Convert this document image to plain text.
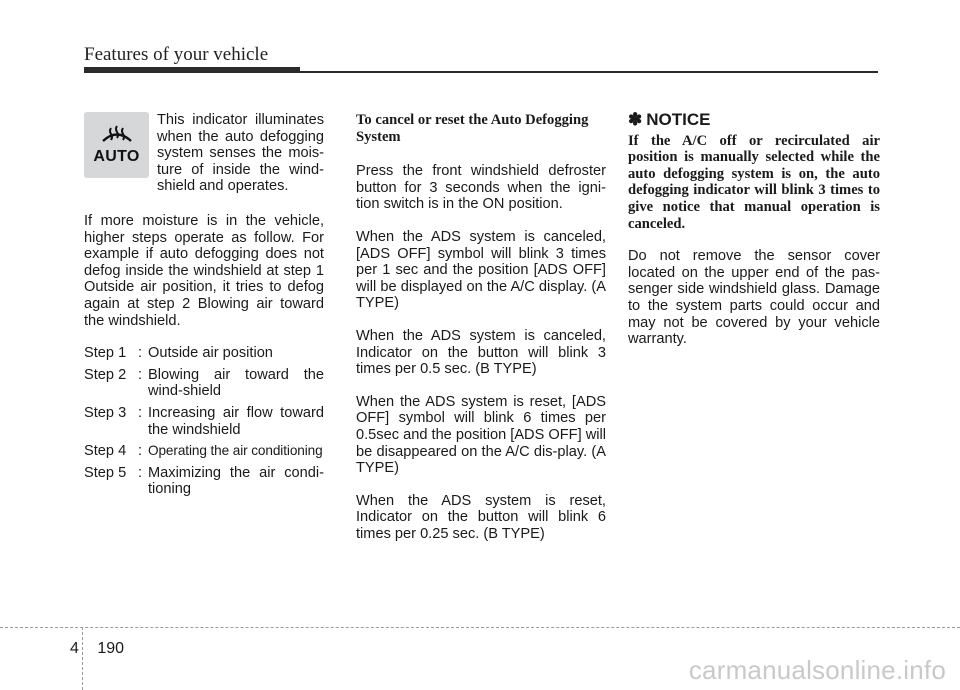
Features of your vehicle
AUTO
This indicator illuminates when the auto defogging system senses the mois-ture of inside the wind-shield and operates.

If more moisture is in the vehicle, higher steps operate as follow. For example if auto defogging does not defog inside the windshield at step 1 Outside air position, it tries to defog again at step 2 Blowing air toward the windshield.

Step 1 : Outside air position
Step 2 : Blowing air toward the wind-shield
Step 3 : Increasing air flow toward the windshield
Step 4 : Operating the air conditioning
Step 5 : Maximizing the air condi-tioning

To cancel or reset the Auto Defogging System

Press the front windshield defroster button for 3 seconds when the igni-tion switch is in the ON position.

When the ADS system is canceled, [ADS OFF] symbol will blink 3 times per 1 sec and the position [ADS OFF] will be displayed on the A/C display. (A TYPE)

When the ADS system is canceled, Indicator on the button will blink 3 times per 0.5 sec. (B TYPE)

When the ADS system is reset, [ADS OFF] symbol will blink 6 times per 0.5sec and the position [ADS OFF] will be disappeared on the A/C dis-play. (A TYPE)

When the ADS system is reset, Indicator on the button will blink 6 times per 0.25 sec. (B TYPE)

✽ NOTICE

If the A/C off or recirculated air position is manually selected while the auto defogging system is on, the auto defogging indicator will blink 3 times to give notice that manual operation is canceled.

Do not remove the sensor cover located on the upper end of the pas-senger side windshield glass. Damage to the system parts could occur and may not be covered by your vehicle warranty.

4 190
carmanualsonline.info
